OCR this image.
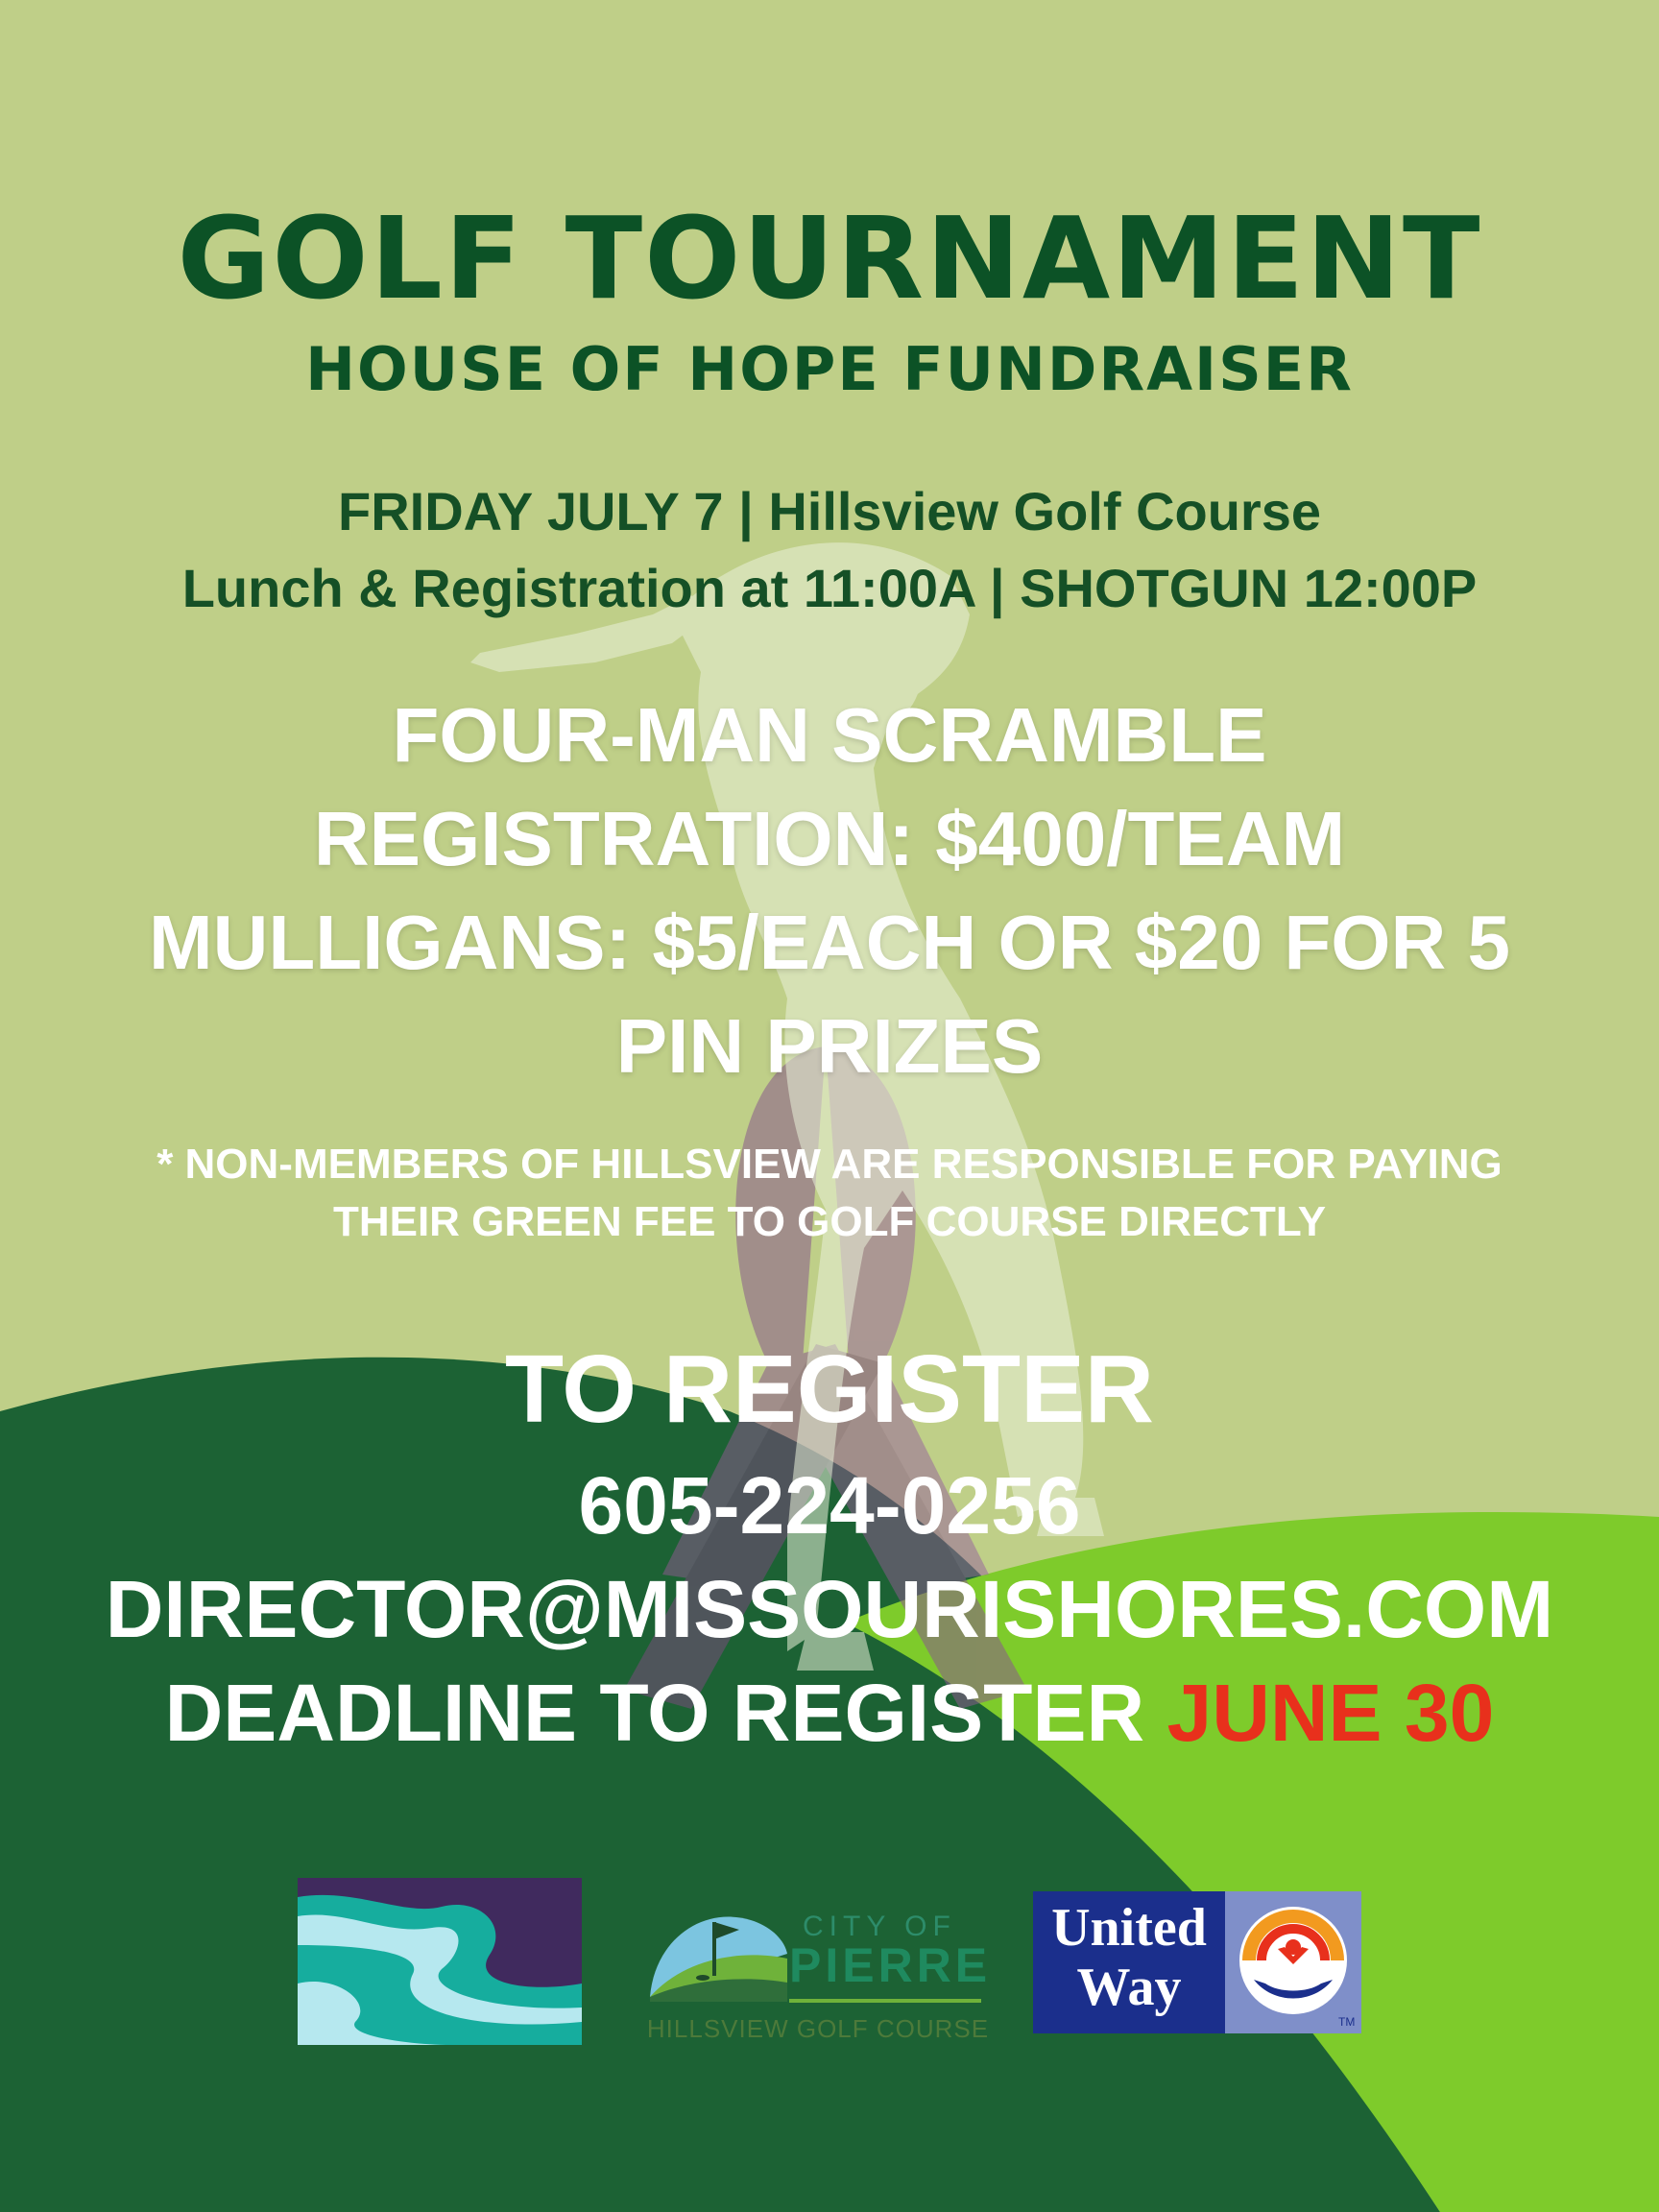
GOLF TOURNAMENT
HOUSE OF HOPE FUNDRAISER

FRIDAY JULY 7 | Hillsview Golf Course

Lunch & Registration at 11:00A | SHOTGUN 12:00P

FOUR-MAN SCRAMBLE

REGISTRATION: $400/TEAM

MULLIGANS: $5/EACH OR $20 FOR 5

PIN PRIZES

* NON-MEMBERS OF HILLSVIEW ARE RESPONSIBLE FOR PAYING

THEIR GREEN FEE TO GOLF COURSE DIRECTLY

TO REGISTER

605-224-0256

DIRECTOR@MISSOURISHORES.COM

DEADLINE TO REGISTER JUNE 30

CITY OF
PIERRE
HILLSVIEW GOLF COURSE
United
Way
TM
